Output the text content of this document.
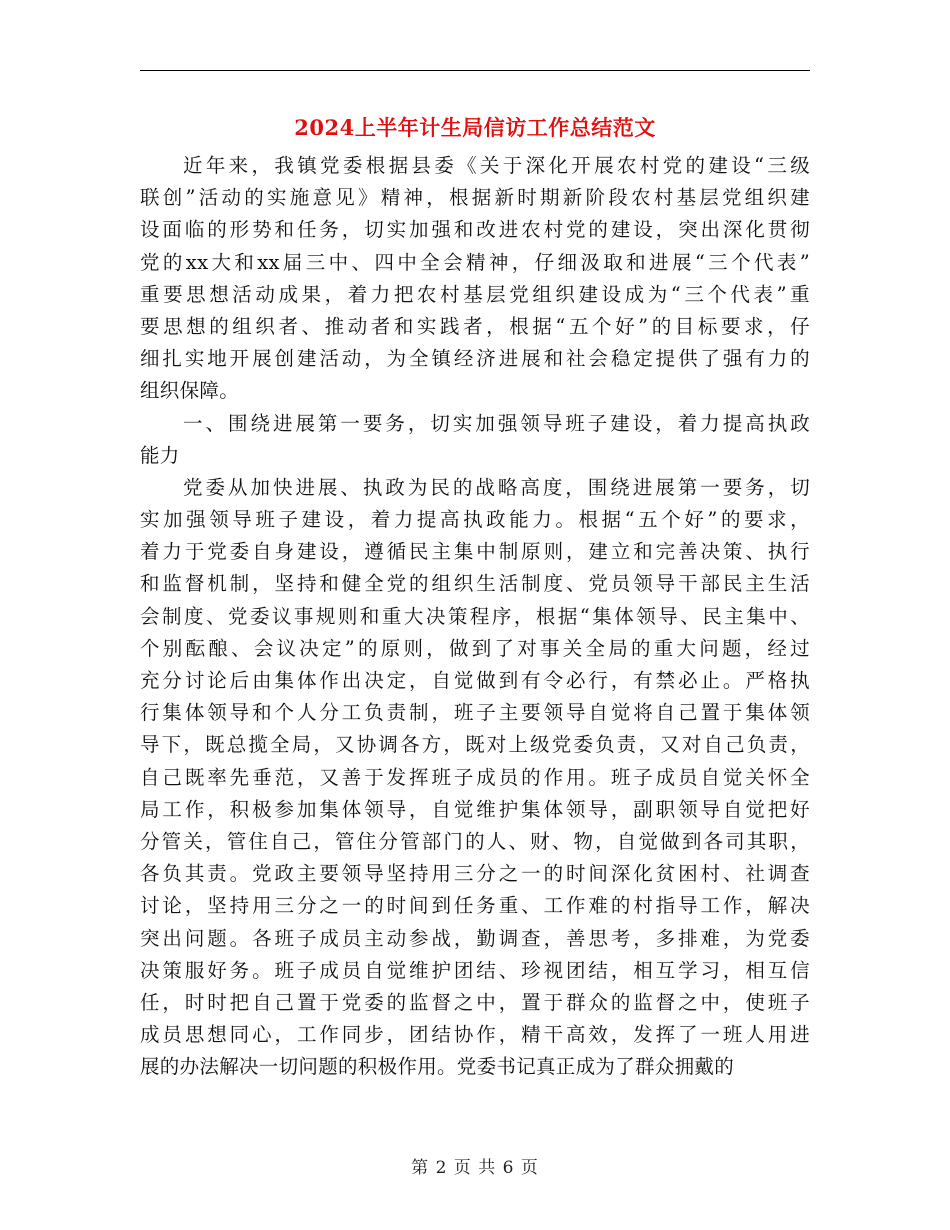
2024上半年计生局信访工作总结范文
近年来，我镇党委根据县委《关于深化开展农村党的建设“三级
联创”活动的实施意见》精神，根据新时期新阶段农村基层党组织建
设面临的形势和任务，切实加强和改进农村党的建设，突出深化贯彻
党的xx大和xx届三中、四中全会精神，仔细汲取和进展“三个代表”
重要思想活动成果，着力把农村基层党组织建设成为“三个代表”重
要思想的组织者、推动者和实践者，根据“五个好”的目标要求，仔
细扎实地开展创建活动，为全镇经济进展和社会稳定提供了强有力的
组织保障。
一、围绕进展第一要务，切实加强领导班子建设，着力提高执政
能力
党委从加快进展、执政为民的战略高度，围绕进展第一要务，切
实加强领导班子建设，着力提高执政能力。根据“五个好”的要求，
着力于党委自身建设，遵循民主集中制原则，建立和完善决策、执行
和监督机制，坚持和健全党的组织生活制度、党员领导干部民主生活
会制度、党委议事规则和重大决策程序，根据“集体领导、民主集中、
个别酝酿、会议决定”的原则，做到了对事关全局的重大问题，经过
充分讨论后由集体作出决定，自觉做到有令必行，有禁必止。严格执
行集体领导和个人分工负责制，班子主要领导自觉将自己置于集体领
导下，既总揽全局，又协调各方，既对上级党委负责，又对自己负责，
自己既率先垂范，又善于发挥班子成员的作用。班子成员自觉关怀全
局工作，积极参加集体领导，自觉维护集体领导，副职领导自觉把好
分管关，管住自己，管住分管部门的人、财、物，自觉做到各司其职，
各负其责。党政主要领导坚持用三分之一的时间深化贫困村、社调查
讨论，坚持用三分之一的时间到任务重、工作难的村指导工作，解决
突出问题。各班子成员主动参战，勤调查，善思考，多排难，为党委
决策服好务。班子成员自觉维护团结、珍视团结，相互学习，相互信
任，时时把自己置于党委的监督之中，置于群众的监督之中，使班子
成员思想同心，工作同步，团结协作，精干高效，发挥了一班人用进
展的办法解决一切问题的积极作用。党委书记真正成为了群众拥戴的
第 2 页 共 6 页
